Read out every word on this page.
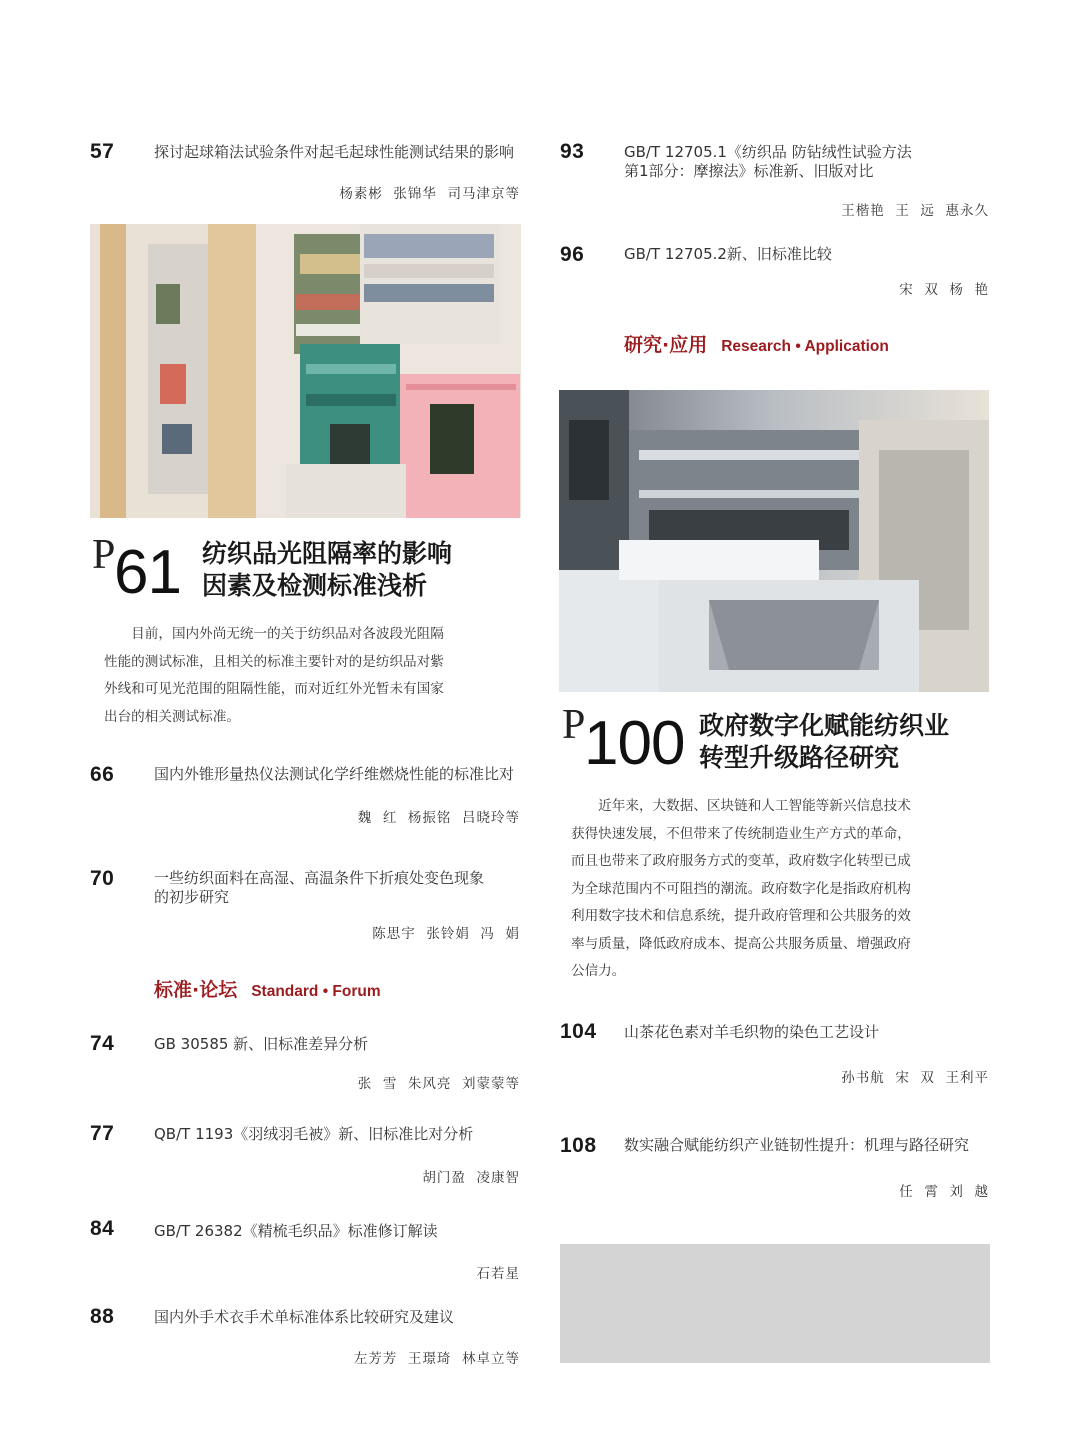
57	探讨起球箱法试验条件对起毛起球性能测试结果的影响
杨素彬  张锦华  司马津京等
P
61 纺织品光阻隔率的影响
因素及检测标准浅析
　　目前，国内外尚无统一的关于纺织品对各波段光阻隔
性能的测试标准，且相关的标准主要针对的是纺织品对紫
外线和可见光范围的阻隔性能，而对近红外光暂未有国家
出台的相关测试标准。
66	国内外锥形量热仪法测试化学纤维燃烧性能的标准比对
魏  红  杨振铭  吕晓玲等
70	一些纺织面料在高湿、高温条件下折痕处变色现象
的初步研究
陈思宇  张铃娟  冯  娟
标准·论坛 Standard • Forum
74	GB 30585 新、旧标准差异分析
张  雪  朱风亮  刘蒙蒙等
77	QB/T 1193《羽绒羽毛被》新、旧标准比对分析
胡门盈  凌康智
84	GB/T 26382《精梳毛织品》标准修订解读
石若星
88	国内外手术衣手术单标准体系比较研究及建议
左芳芳  王璟琦  林卓立等
93	GB/T 12705.1《纺织品 防钻绒性试验方法
第1部分：摩擦法》标准新、旧版对比
王楷艳  王  远  惠永久
96	GB/T 12705.2新、旧标准比较
宋  双  杨  艳
研究·应用 Research • Application
P
100 政府数字化赋能纺织业
转型升级路径研究
　　近年来，大数据、区块链和人工智能等新兴信息技术
获得快速发展，不但带来了传统制造业生产方式的革命，
而且也带来了政府服务方式的变革，政府数字化转型已成
为全球范围内不可阻挡的潮流。政府数字化是指政府机构
利用数字技术和信息系统，提升政府管理和公共服务的效
率与质量，降低政府成本、提高公共服务质量、增强政府
公信力。
104 山茶花色素对羊毛织物的染色工艺设计
孙书航  宋  双  王利平
108 数实融合赋能纺织产业链韧性提升：机理与路径研究
任  霄  刘  越
